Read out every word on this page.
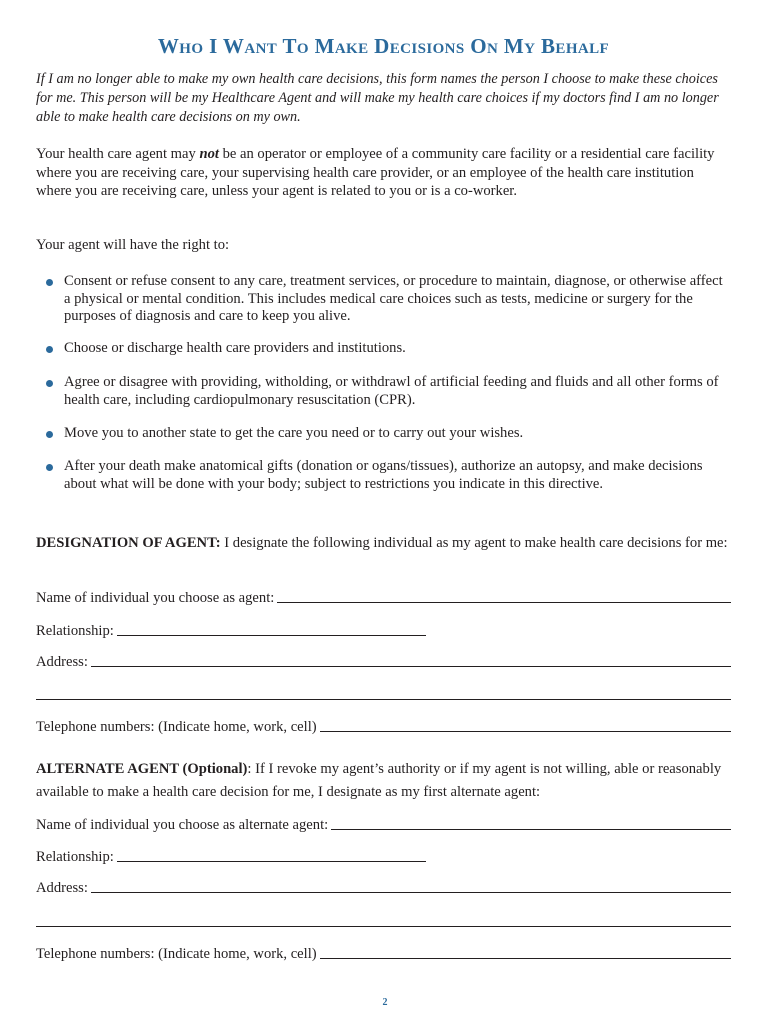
Who I Want To Make Decisions On My Behalf
If I am no longer able to make my own health care decisions, this form names the person I choose to make these choices for me. This person will be my Healthcare Agent and will make my health care choices if my doctors find I am no longer able to make health care decisions on my own.
Your health care agent may not be an operator or employee of a community care facility or a residential care facility where you are receiving care, your supervising health care provider, or an employee of the health care institution where you are receiving care, unless your agent is related to you or is a co-worker.
Your agent will have the right to:
Consent or refuse consent to any care, treatment services, or procedure to maintain, diagnose, or otherwise affect a physical or mental condition. This includes medical care choices such as tests, medicine or surgery for the purposes of diagnosis and care to keep you alive.
Choose or discharge health care providers and institutions.
Agree or disagree with providing, witholding, or withdrawl of artificial feeding and fluids and all other forms of health care, including cardiopulmonary resuscitation (CPR).
Move you to another state to get the care you need or to carry out your wishes.
After your death make anatomical gifts (donation or ogans/tissues), authorize an autopsy, and make decisions about what will be done with your body; subject to restrictions you indicate in this directive.
DESIGNATION OF AGENT: I designate the following individual as my agent to make health care decisions for me:
Name of individual you choose as agent:
Relationship:
Address:
Telephone numbers: (Indicate home, work, cell)
ALTERNATE AGENT (Optional): If I revoke my agent’s authority or if my agent is not willing, able or reasonably available to make a health care decision for me, I designate as my first alternate agent:
Name of individual you choose as alternate agent:
Relationship:
Address:
Telephone numbers: (Indicate home, work, cell)
2
